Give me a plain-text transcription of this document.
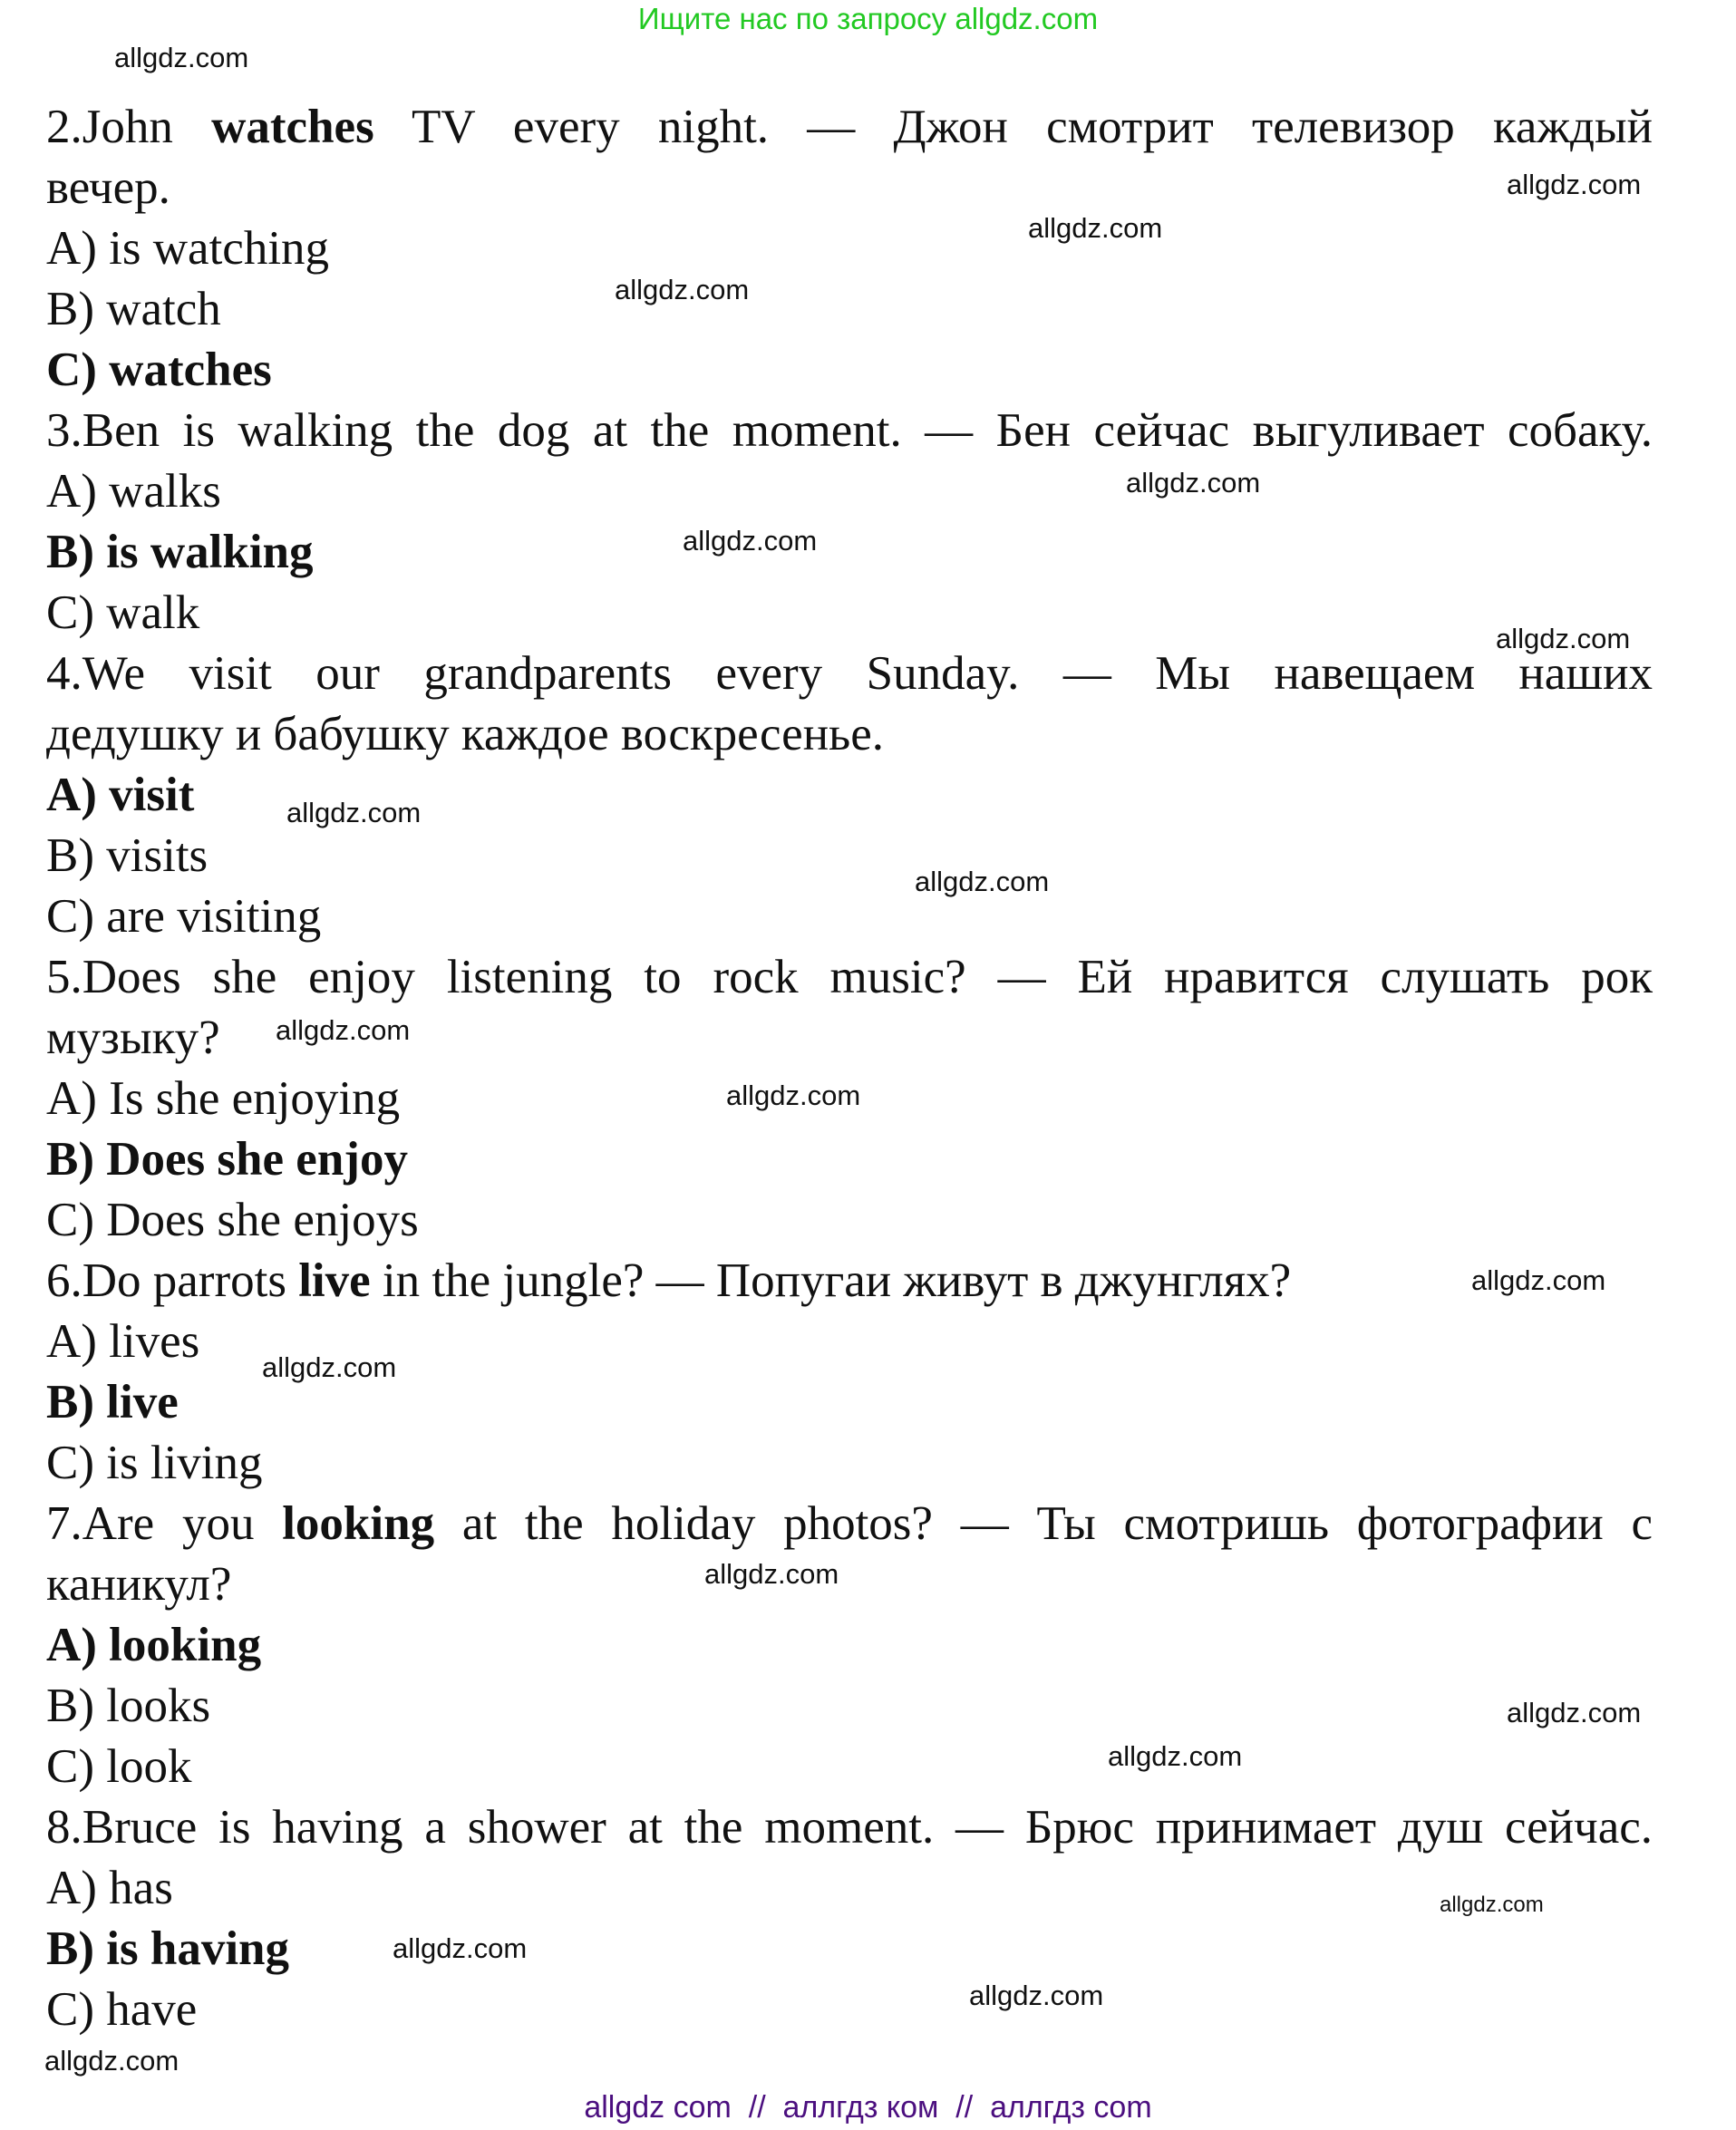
Ищите нас по запросу allgdz.com
2.John watches TV every night. — Джон смотрит телевизор каждый
вечер.
A) is watching
B) watch
C) watches
3.Ben is walking the dog at the moment. — Бен сейчас выгуливает собаку.
A) walks
B) is walking
C) walk
4.We visit our grandparents every Sunday. — Мы навещаем наших
дедушку и бабушку каждое воскресенье.
A) visit
B) visits
C) are visiting
5.Does she enjoy listening to rock music? — Ей нравится слушать рок
музыку?
A) Is she enjoying
B) Does she enjoy
C) Does she enjoys
6.Do parrots live in the jungle? — Попугаи живут в джунглях?
A) lives
B) live
C) is living
7.Are you looking at the holiday photos? — Ты смотришь фотографии с
каникул?
A) looking
B) looks
C) look
8.Bruce is having a shower at the moment. — Брюс принимает душ сейчас.
A) has
B) is having
C) have
allgdz.com
allgdz.com
allgdz.com
allgdz.com
allgdz.com
allgdz.com
allgdz.com
allgdz.com
allgdz.com
allgdz.com
allgdz.com
allgdz.com
allgdz.com
allgdz.com
allgdz.com
allgdz.com
allgdz.com
allgdz.com
allgdz.com
allgdz.com
allgdz com  //  аллгдз ком  //  аллгдз com
